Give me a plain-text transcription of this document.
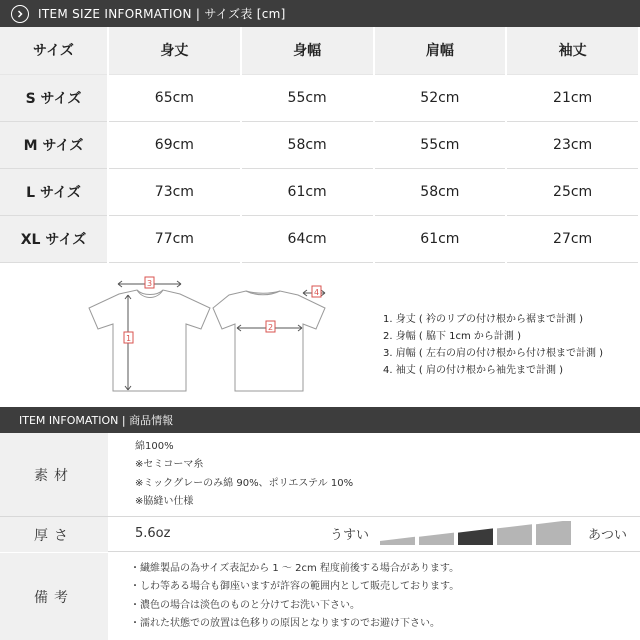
ITEM SIZE INFORMATION | サイズ表 [cm]
サイズ	身丈	身幅	肩幅	袖丈
S サイズ	65cm	55cm	52cm	21cm
M サイズ	69cm	58cm	55cm	23cm
L サイズ	73cm	61cm	58cm	25cm
XL サイズ	77cm	64cm	61cm	27cm
3
1
2
4
1. 身丈 ( 衿のリブの付け根から裾まで計測 )
2. 身幅 ( 脇下 1cm から計測 )
3. 肩幅 ( 左右の肩の付け根から付け根まで計測 )
4. 袖丈 ( 肩の付け根から袖先まで計測 )
ITEM INFOMATION | 商品情報
素材
綿100%
※セミコーマ糸
※ミックグレーのみ綿 90%、ポリエステル 10%
※脇縫い仕様
厚さ	5.6oz	うすい	あつい
備考
・繊維製品の為サイズ表記から 1 ～ 2cm 程度前後する場合があります。
・しわ等ある場合も御座いますが許容の範囲内として販売しております。
・濃色の場合は淡色のものと分けてお洗い下さい。
・濡れた状態での放置は色移りの原因となりますのでお避け下さい。
